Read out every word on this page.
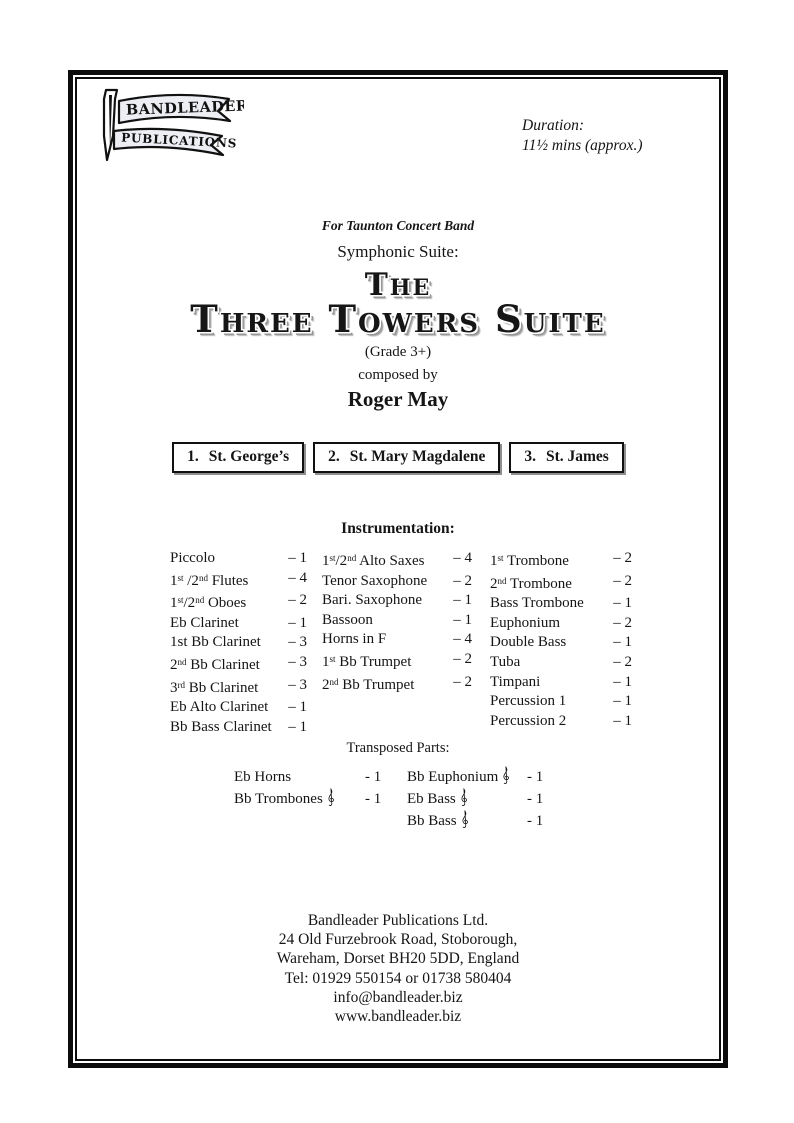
BANDLEADER
PUBLICATIONS
Duration:
11½ mins (approx.)
For Taunton Concert Band
Symphonic Suite:
The
Three Towers Suite
(Grade 3+)
composed by
Roger May
1. St. George’s	2. St. Mary Magdalene	3. St. James
Instrumentation:
Piccolo	– 1
1st /2nd Flutes	– 4
1st/2nd Oboes	– 2
Eb Clarinet	– 1
1st Bb Clarinet – 3
2nd Bb Clarinet – 3
3rd Bb Clarinet – 3
Eb Alto Clarinet – 1
Bb Bass Clarinet – 1
1st/2nd Alto Saxes – 4
Tenor Saxophone – 2
Bari. Saxophone – 1
Bassoon	– 1
Horns in F	– 4
1st Bb Trumpet	– 2
2nd Bb Trumpet	– 2
1st Trombone	– 2
2nd Trombone	– 2
Bass Trombone – 1
Euphonium	– 2
Double Bass	– 1
Tuba	– 2
Timpani	– 1
Percussion 1	– 1
Percussion 2	– 1
Transposed Parts:
Eb Horns	- 1	Bb Euphonium	- 1
Bb Trombones	- 1	Eb Bass	- 1
Bb Bass	- 1
Bandleader Publications Ltd.
24 Old Furzebrook Road, Stoborough,
Wareham, Dorset BH20 5DD, England
Tel: 01929 550154 or 01738 580404
info@bandleader.biz
www.bandleader.biz
